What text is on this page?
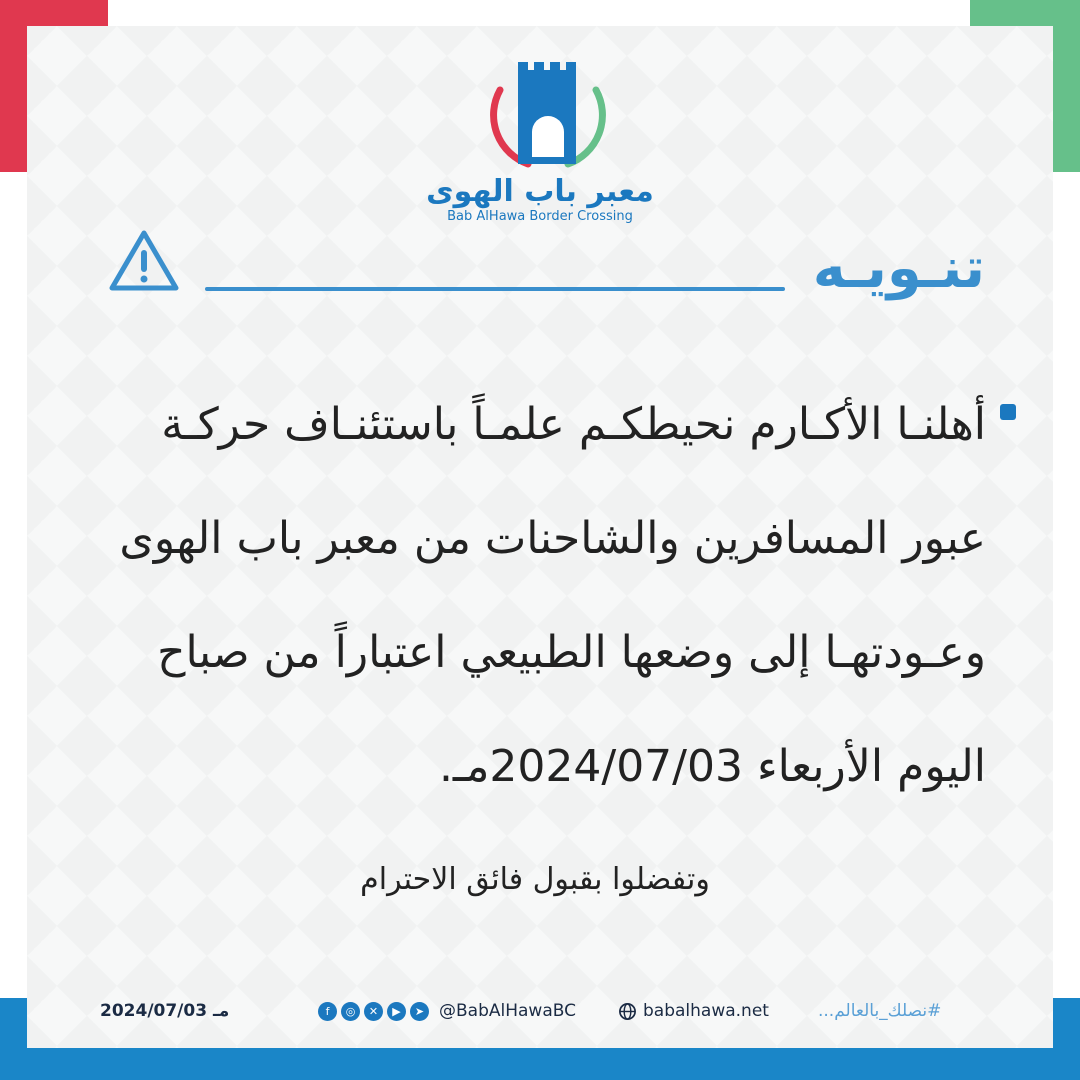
معبر باب الهوى
Bab AlHawa Border Crossing
تنـويـه
أهلنـا الأكـارم نحيطكـم علمـاً باستئنـاف حركـة عبور المسافرين والشاحنات من معبر باب الهوى وعـودتهـا إلى وضعها الطبيعي اعتباراً من صباح اليوم الأربعاء 2024/07/03مـ.
وتفضلوا بقبول فائق الاحترام
2024/07/03 مـ	f	◎	✕	▶	➤ @BabAlHawaBC	babalhawa.net	#نصلك_بالعالم...
